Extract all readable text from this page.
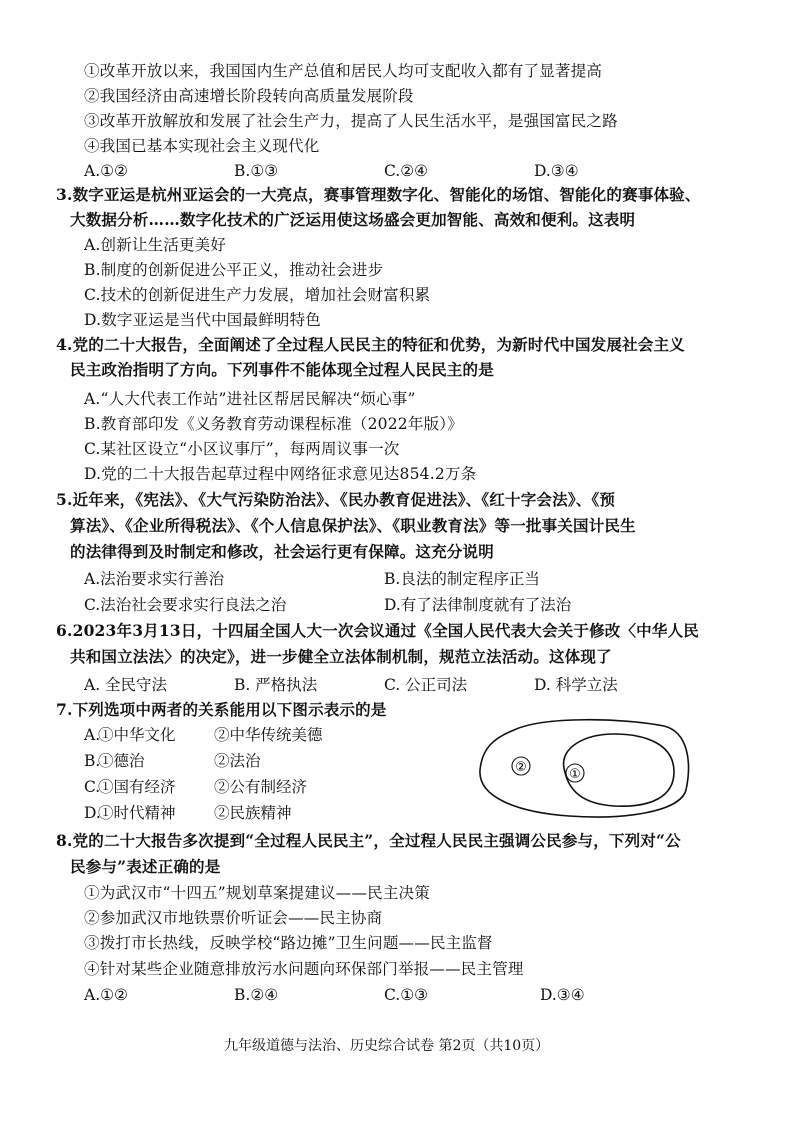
①改革开放以来，我国国内生产总值和居民人均可支配收入都有了显著提高
②我国经济由高速增长阶段转向高质量发展阶段
③改革开放解放和发展了社会生产力，提高了人民生活水平，是强国富民之路
④我国已基本实现社会主义现代化
A.①②	B.①③	C.②④	D.③④
3.数字亚运是杭州亚运会的一大亮点，赛事管理数字化、智能化的场馆、智能化的赛事体验、
大数据分析……数字化技术的广泛运用使这场盛会更加智能、高效和便利。这表明
A.创新让生活更美好
B.制度的创新促进公平正义，推动社会进步
C.技术的创新促进生产力发展，增加社会财富积累
D.数字亚运是当代中国最鲜明特色
4.党的二十大报告，全面阐述了全过程人民民主的特征和优势，为新时代中国发展社会主义
民主政治指明了方向。下列事件不能体现全过程人民民主的是
A.“人大代表工作站”进社区帮居民解决“烦心事”
B.教育部印发《义务教育劳动课程标准（2022年版）》
C.某社区设立“小区议事厅”，每两周议事一次
D.党的二十大报告起草过程中网络征求意见达854.2万条
5.近年来，《宪法》、《大气污染防治法》、《民办教育促进法》、《红十字会法》、《预
算法》、《企业所得税法》、《个人信息保护法》、《职业教育法》等一批事关国计民生
的法律得到及时制定和修改，社会运行更有保障。这充分说明
A.法治要求实行善治	B.良法的制定程序正当
C.法治社会要求实行良法之治	D.有了法律制度就有了法治
6.2023年3月13日，十四届全国人大一次会议通过《全国人民代表大会关于修改〈中华人民
共和国立法法〉的决定》，进一步健全立法体制机制，规范立法活动。这体现了
A. 全民守法	B. 严格执法	C. 公正司法	D. 科学立法
7.下列选项中两者的关系能用以下图示表示的是
A.
①中华文化 ②中华传统美德
B.
①德治	②法治
C.
①国有经济 ②公有制经济
D.
①时代精神 ②民族精神
②	①
8.党的二十大报告多次提到“全过程人民民主”，全过程人民民主强调公民参与，下列对“公
民参与”表述正确的是
①为武汉市“十四五”规划草案提建议——民主决策
②参加武汉市地铁票价听证会——民主协商
③拨打市长热线，反映学校“路边摊”卫生问题——民主监督
④针对某些企业随意排放污水问题向环保部门举报——民主管理
A.①②	B.②④	C.①③	D.③④
九年级道德与法治、历史综合试卷 第2页（共10页）
